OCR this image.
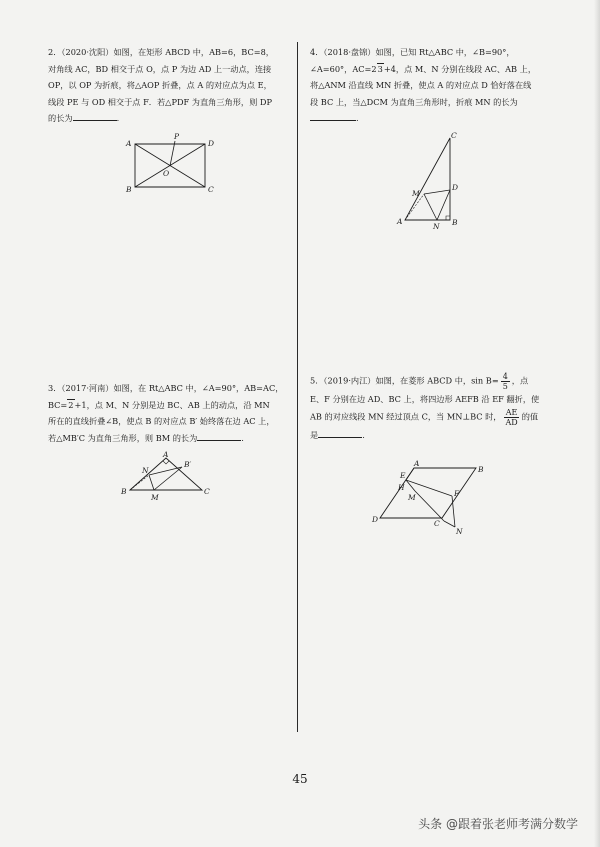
2．（2020·沈阳）如图，在矩形 ABCD 中，AB=6，BC=8，

对角线 AC，BD 相交于点 O，点 P 为边 AD 上一动点，连接

OP，以 OP 为折痕，将△AOP 折叠，点 A 的对应点为点 E，

线段 PE 与 OD 相交于点 F．若△PDF 为直角三角形，则 DP

的长为	.

A	D
B	C
O
P

4．（2018·盘锦）如图，已知 Rt△ABC 中，∠B=90°，

∠A=60°，AC=23+4，点 M、N 分别在线段 AC、AB 上，

将△ANM 沿直线 MN 折叠，使点 A 的对应点 D 恰好落在线

段 BC 上，当△DCM 为直角三角形时，折痕 MN 的长为

.

C
D
M
A	B
N

3．（2017·河南）如图，在 Rt△ABC 中，∠A=90°，AB=AC，

BC=2+1，点 M、N 分别是边 BC、AB 上的动点，沿 MN

所在的直线折叠∠B，使点 B 的对应点 B′ 始终落在边 AC 上，

若△MB′C 为直角三角形，则 BM 的长为	.

A
B′
N
B	C
M

5．（2019·内江）如图，在菱形 ABCD 中，$\sin B= \frac{4}{5}$ ，点

E、F 分别在边 AD、BC 上，将四边形 AEFB 沿 EF 翻折，使

AB 的对应线段 MN 经过顶点 C，当 MN⊥BC 时， $\frac{AE}{AD}$ 的值

是	.

A
B
E
H
M	F
D	C
N
45
头条 @跟着张老师考满分数学
